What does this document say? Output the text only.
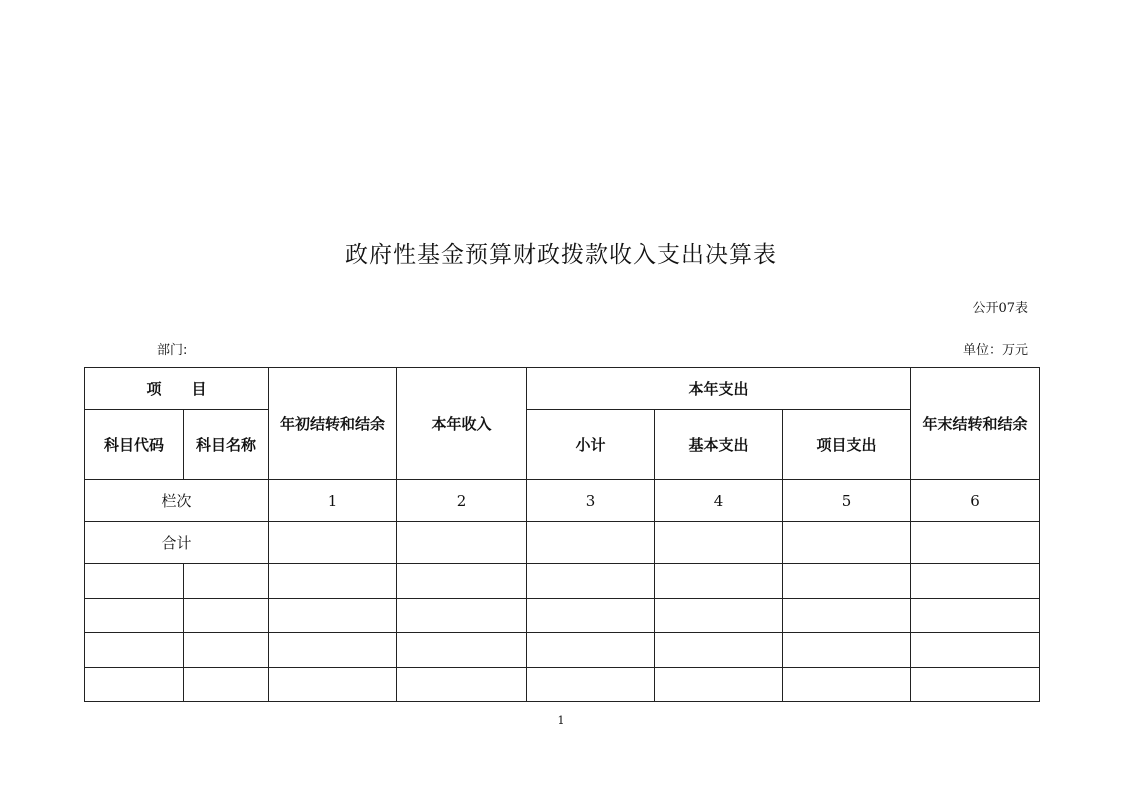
政府性基金预算财政拨款收入支出决算表
公开07表
部门:	单位：万元
项　　目		年初结转和结余	本年收入	本年支出			年末结转和结余
科目代码	科目名称			小计	基本支出	项目支出	
栏次		1	2	3	4	5	6
合计							

1
